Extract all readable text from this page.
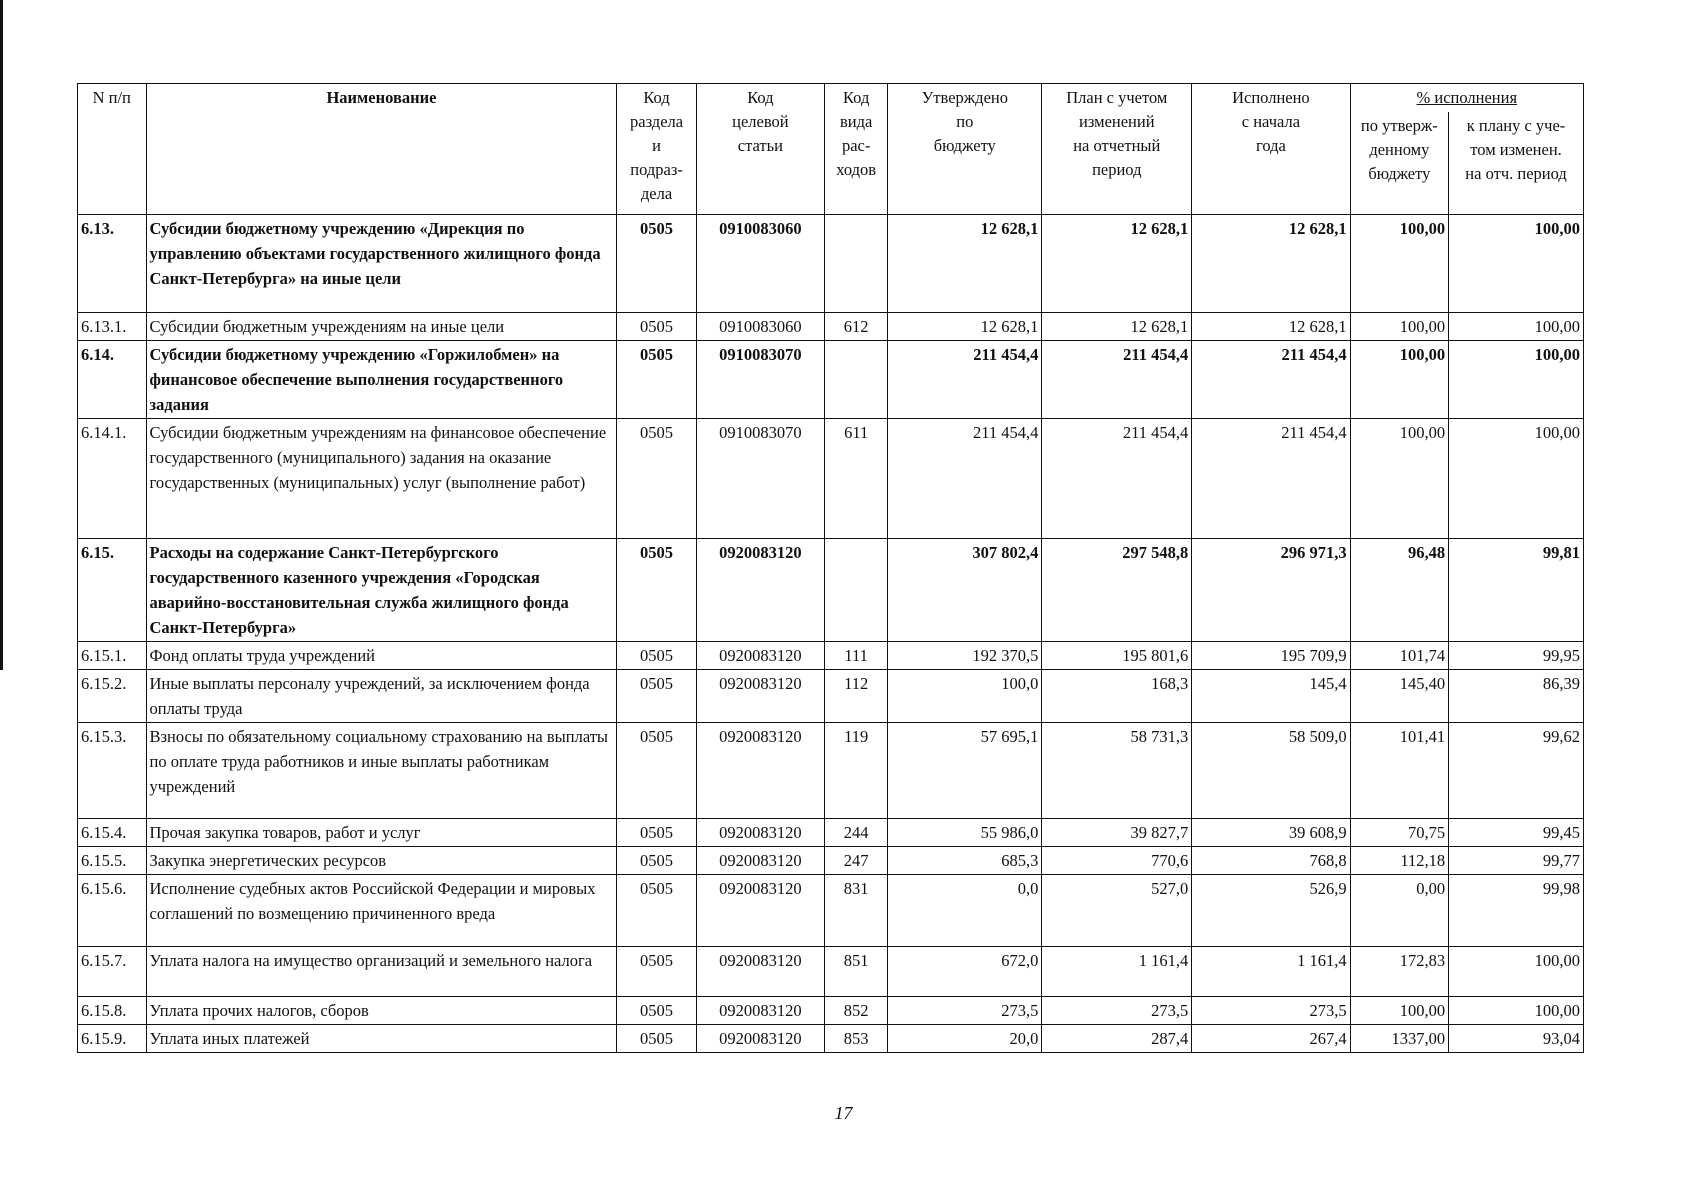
N п/п	Наименование	Код
раздела
и
подраз-
дела	Код
целевой
статьи	Код
вида
рас-
ходов	Утверждено
по
бюджету	План с учетом
изменений
на отчетный
период	Исполнено
с начала
года	% исполнения	
								по утверж-
денному
бюджету	к плану с уче-
том изменен.
на отч. период
6.13.	Субсидии бюджетному учреждению «Дирекция по управлению объектами государственного жилищного фонда Санкт-Петербурга» на иные цели	0505	0910083060		12 628,1	12 628,1	12 628,1	100,00	100,00
6.13.1.	Субсидии бюджетным учреждениям на иные цели	0505	0910083060	612	12 628,1	12 628,1	12 628,1	100,00	100,00
6.14.	Субсидии бюджетному учреждению «Горжилобмен» на финансовое обеспечение выполнения государственного задания	0505	0910083070		211 454,4	211 454,4	211 454,4	100,00	100,00
6.14.1.	Субсидии бюджетным учреждениям на финансовое обеспечение государственного (муниципального) задания на оказание государственных (муниципальных) услуг (выполнение работ)	0505	0910083070	611	211 454,4	211 454,4	211 454,4	100,00	100,00
6.15.	Расходы на содержание Санкт-Петербургского государственного казенного учреждения «Городская аварийно-восстановительная служба жилищного фонда Санкт-Петербурга»	0505	0920083120		307 802,4	297 548,8	296 971,3	96,48	99,81
6.15.1.	Фонд оплаты труда учреждений	0505	0920083120	111	192 370,5	195 801,6	195 709,9	101,74	99,95
6.15.2.	Иные выплаты персоналу учреждений, за исключением фонда оплаты труда	0505	0920083120	112	100,0	168,3	145,4	145,40	86,39
6.15.3.	Взносы по обязательному социальному страхованию на выплаты по оплате труда работников и иные выплаты работникам учреждений	0505	0920083120	119	57 695,1	58 731,3	58 509,0	101,41	99,62
6.15.4.	Прочая закупка товаров, работ и услуг	0505	0920083120	244	55 986,0	39 827,7	39 608,9	70,75	99,45
6.15.5.	Закупка энергетических ресурсов	0505	0920083120	247	685,3	770,6	768,8	112,18	99,77
6.15.6.	Исполнение судебных актов Российской Федерации и мировых соглашений по возмещению причиненного вреда	0505	0920083120	831	0,0	527,0	526,9	0,00	99,98
6.15.7.	Уплата налога на имущество организаций и земельного налога	0505	0920083120	851	672,0	1 161,4	1 161,4	172,83	100,00
6.15.8.	Уплата прочих налогов, сборов	0505	0920083120	852	273,5	273,5	273,5	100,00	100,00
6.15.9.	Уплата иных платежей	0505	0920083120	853	20,0	287,4	267,4	1337,00	93,04
17
